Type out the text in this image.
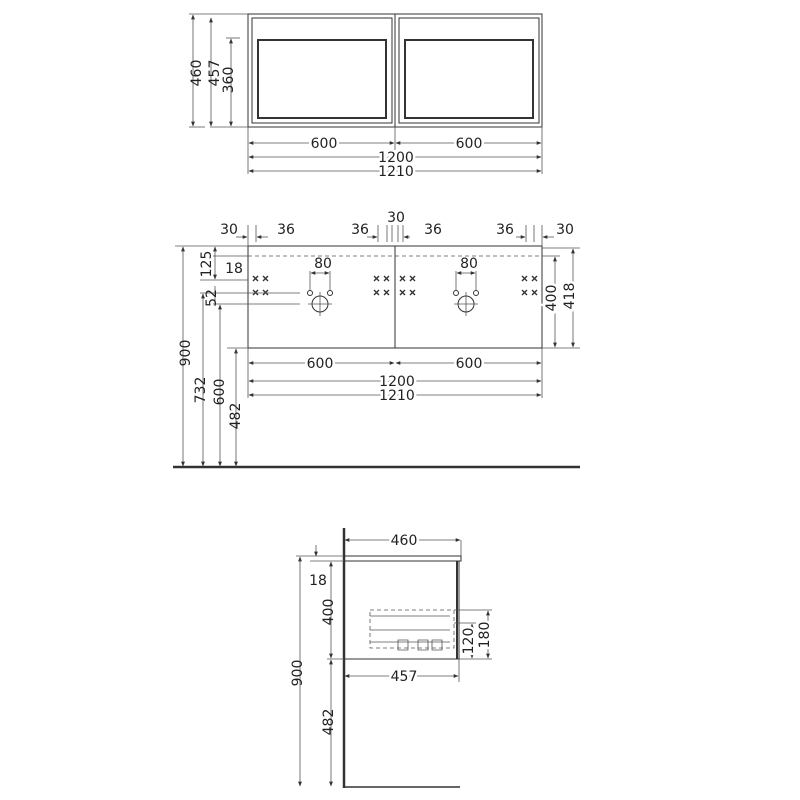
460 457
360
600	600
1200
1210
80	80
30	36	36
30
36	36	30
900
125 18
52
732 600
482
400 418
600	600
1200
1210
460
18
900
400
482
120 180
457
